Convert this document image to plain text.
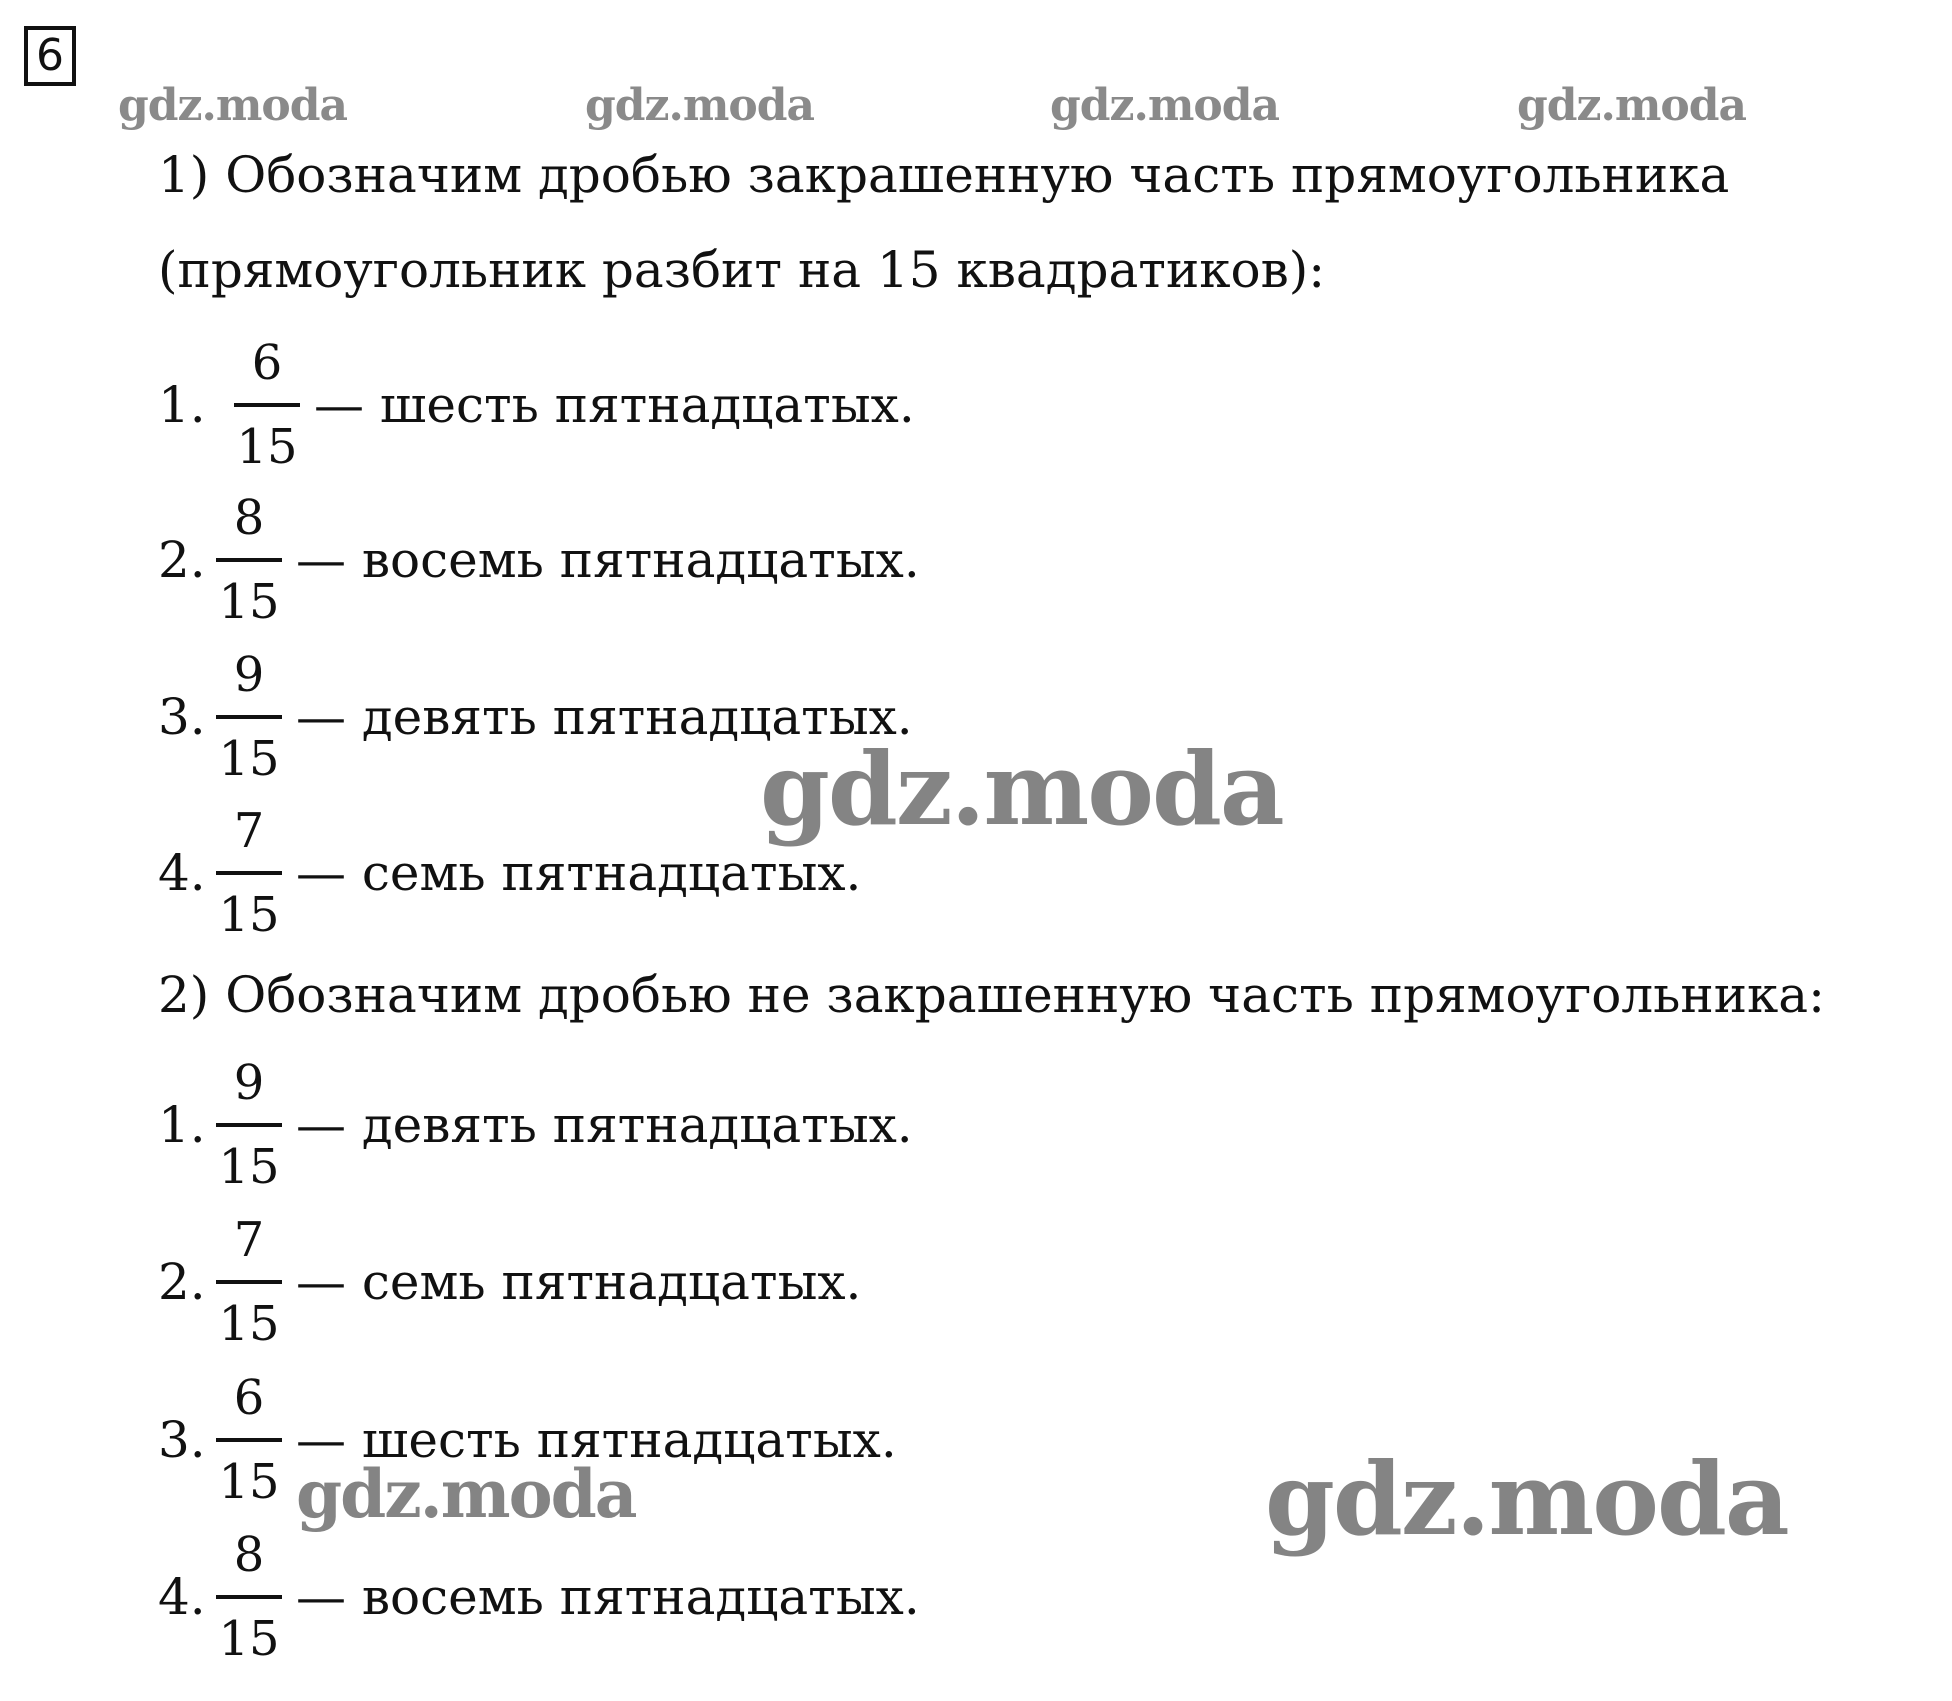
6
gdz.moda	gdz.moda	gdz.moda	gdz.moda
1) Обозначим дробью закрашенную часть прямоугольника
(прямоугольник разбит на 15 квадратиков):
1. $\frac{6}{15}$ — шесть пятнадцатых.
2. $\frac{8}{15}$ — восемь пятнадцатых.
3. $\frac{9}{15}$ — девять пятнадцатых.
4. $\frac{7}{15}$ — семь пятнадцатых.
2) Обозначим дробью не закрашенную часть прямоугольника:
1. $\frac{9}{15}$ — девять пятнадцатых.
2. $\frac{7}{15}$ — семь пятнадцатых.
3. $\frac{6}{15}$ — шесть пятнадцатых.
4. $\frac{8}{15}$ — восемь пятнадцатых.
gdz.moda
gdz.moda	gdz.moda
